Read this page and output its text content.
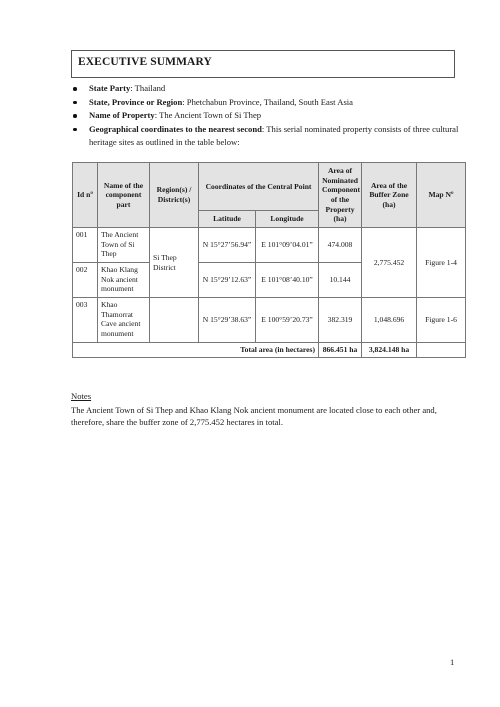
EXECUTIVE SUMMARY
State Party: Thailand
State, Province or Region: Phetchabun Province, Thailand, South East Asia
Name of Property: The Ancient Town of Si Thep
Geographical coordinates to the nearest second: This serial nominated property consists of three cultural heritage sites as outlined in the table below:
Id nº	Name of the component part	Region(s) / District(s)	Coordinates of the Central Point		Area of Nominated Component of the Property (ha)	Area of the Buffer Zone (ha)	Map Nº
			Latitude	Longitude			
001	The Ancient Town of Si Thep	Si Thep District	N 15°27’56.94”	E 101°09’04.01”	474.008	2,775.452	Figure 1-4
002	Khao Klang Nok ancient monument		N 15°29’12.63”	E 101°08’40.10”	10.144		
003	Khao Thamorrat Cave ancient monument		N 15°29’38.63”	E 100°59’20.73”	382.319	1,048.696	Figure 1-6
Total area (in hectares)					866.451 ha	3,824.148 ha	
Notes
The Ancient Town of Si Thep and Khao Klang Nok ancient monument are located close to each other and, therefore, share the buffer zone of 2,775.452 hectares in total.
1
